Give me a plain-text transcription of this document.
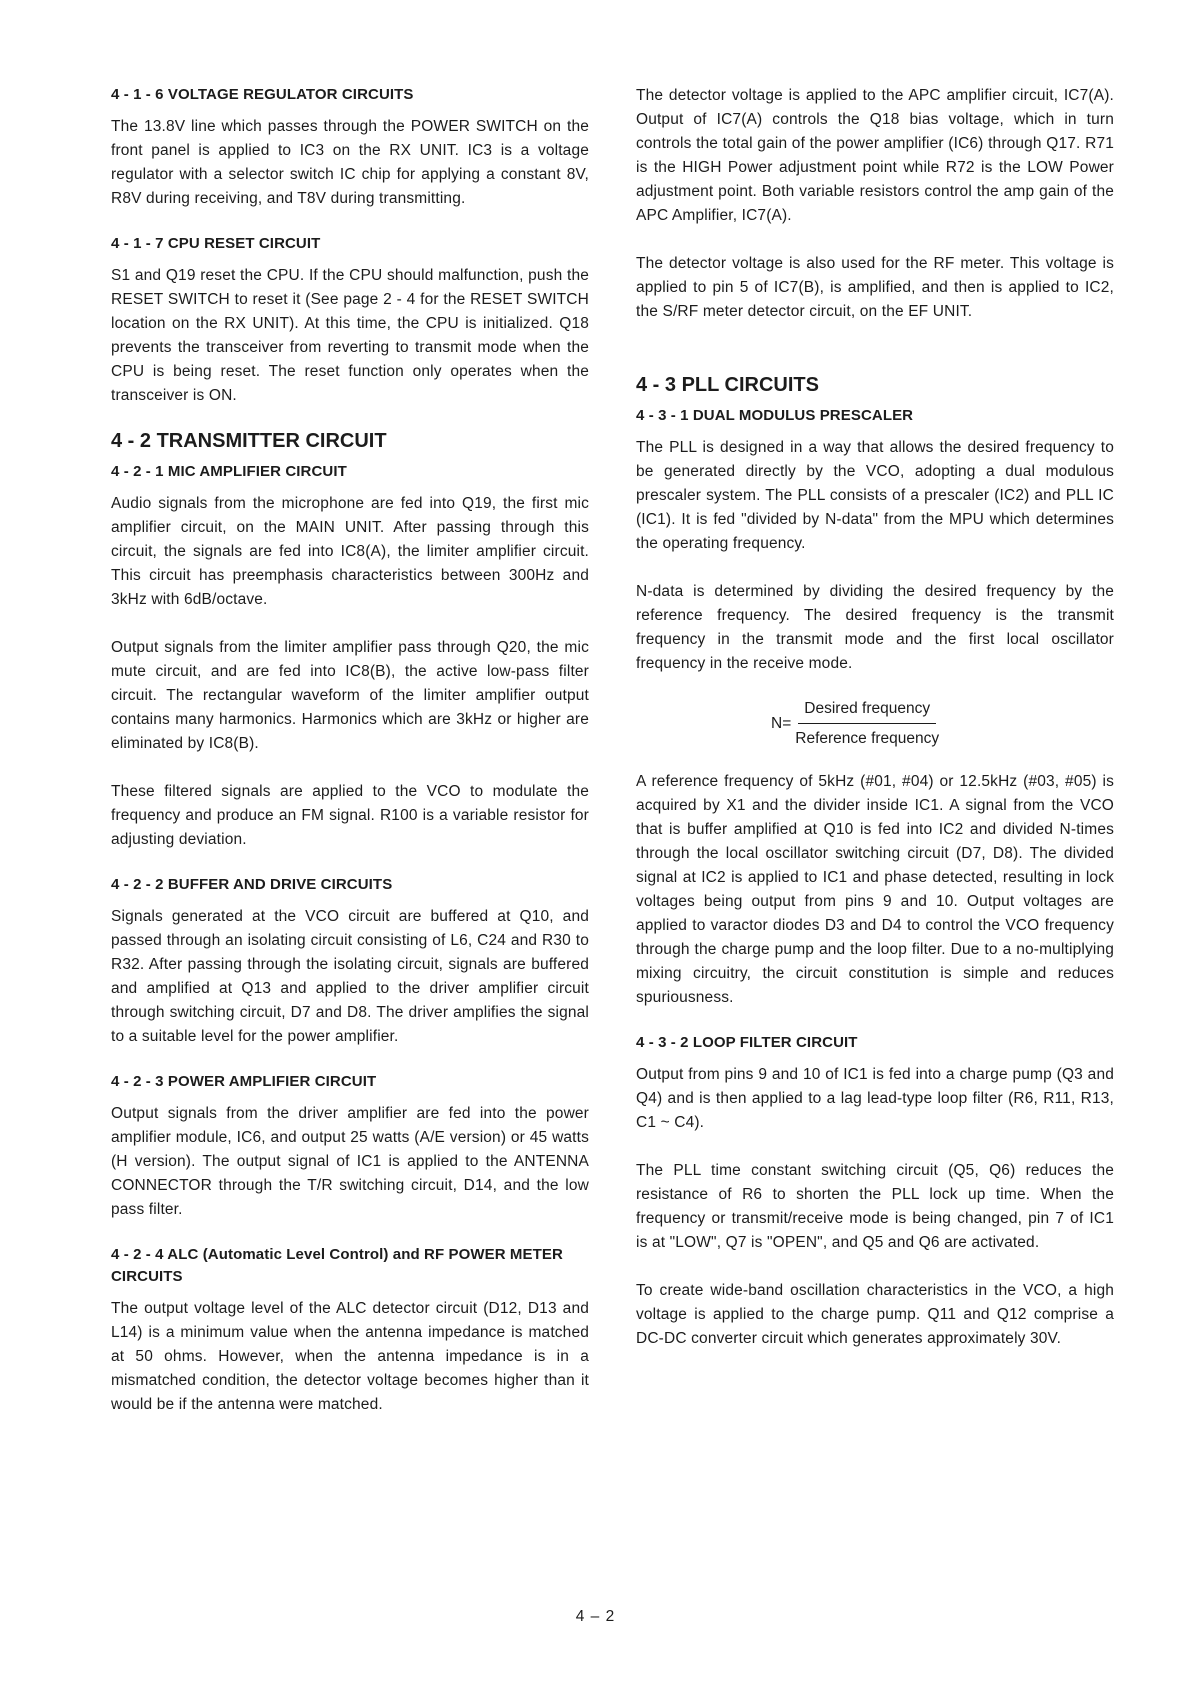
4 - 1 - 6 VOLTAGE REGULATOR CIRCUITS

The 13.8V line which passes through the POWER SWITCH on the front panel is applied to IC3 on the RX UNIT. IC3 is a voltage regulator with a selector switch IC chip for applying a constant 8V, R8V during receiving, and T8V during transmitting.

4 - 1 - 7 CPU RESET CIRCUIT

S1 and Q19 reset the CPU. If the CPU should malfunction, push the RESET SWITCH to reset it (See page 2 - 4 for the RESET SWITCH location on the RX UNIT). At this time, the CPU is initialized. Q18 prevents the transceiver from reverting to transmit mode when the CPU is being reset. The reset function only operates when the transceiver is ON.

4 - 2 TRANSMITTER CIRCUIT
4 - 2 - 1 MIC AMPLIFIER CIRCUIT

Audio signals from the microphone are fed into Q19, the first mic amplifier circuit, on the MAIN UNIT. After passing through this circuit, the signals are fed into IC8(A), the limiter amplifier circuit. This circuit has preemphasis characteristics between 300Hz and 3kHz with 6dB/octave.

Output signals from the limiter amplifier pass through Q20, the mic mute circuit, and are fed into IC8(B), the active low-pass filter circuit. The rectangular waveform of the limiter amplifier output contains many harmonics. Harmonics which are 3kHz or higher are eliminated by IC8(B).

These filtered signals are applied to the VCO to modulate the frequency and produce an FM signal. R100 is a variable resistor for adjusting deviation.

4 - 2 - 2 BUFFER AND DRIVE CIRCUITS

Signals generated at the VCO circuit are buffered at Q10, and passed through an isolating circuit consisting of L6, C24 and R30 to R32. After passing through the isolating circuit, signals are buffered and amplified at Q13 and applied to the driver amplifier circuit through switching circuit, D7 and D8. The driver amplifies the signal to a suitable level for the power amplifier.

4 - 2 - 3 POWER AMPLIFIER CIRCUIT

Output signals from the driver amplifier are fed into the power amplifier module, IC6, and output 25 watts (A/E version) or 45 watts (H version). The output signal of IC1 is applied to the ANTENNA CONNECTOR through the T/R switching circuit, D14, and the low pass filter.

4 - 2 - 4 ALC (Automatic Level Control) and RF POWER METER CIRCUITS

The output voltage level of the ALC detector circuit (D12, D13 and L14) is a minimum value when the antenna impedance is matched at 50 ohms. However, when the antenna impedance is in a mismatched condition, the detector voltage becomes higher than it would be if the antenna were matched.

The detector voltage is applied to the APC amplifier circuit, IC7(A). Output of IC7(A) controls the Q18 bias voltage, which in turn controls the total gain of the power amplifier (IC6) through Q17. R71 is the HIGH Power adjustment point while R72 is the LOW Power adjustment point. Both variable resistors control the amp gain of the APC Amplifier, IC7(A).

The detector voltage is also used for the RF meter. This voltage is applied to pin 5 of IC7(B), is amplified, and then is applied to IC2, the S/RF meter detector circuit, on the EF UNIT.

4 - 3 PLL CIRCUITS
4 - 3 - 1 DUAL MODULUS PRESCALER

The PLL is designed in a way that allows the desired frequency to be generated directly by the VCO, adopting a dual modulous prescaler system. The PLL consists of a prescaler (IC2) and PLL IC (IC1). It is fed "divided by N-data" from the MPU which determines the operating frequency.

N-data is determined by dividing the desired frequency by the reference frequency. The desired frequency is the transmit frequency in the transmit mode and the first local oscillator frequency in the receive mode.

$N= \frac{\text{Desired frequency}}{\text{Reference frequency}}$

A reference frequency of 5kHz (#01, #04) or 12.5kHz (#03, #05) is acquired by X1 and the divider inside IC1. A signal from the VCO that is buffer amplified at Q10 is fed into IC2 and divided N-times through the local oscillator switching circuit (D7, D8). The divided signal at IC2 is applied to IC1 and phase detected, resulting in lock voltages being output from pins 9 and 10. Output voltages are applied to varactor diodes D3 and D4 to control the VCO frequency through the charge pump and the loop filter. Due to a no-multiplying mixing circuitry, the circuit constitution is simple and reduces spuriousness.

4 - 3 - 2 LOOP FILTER CIRCUIT

Output from pins 9 and 10 of IC1 is fed into a charge pump (Q3 and Q4) and is then applied to a lag lead-type loop filter (R6, R11, R13, C1 ~ C4).

The PLL time constant switching circuit (Q5, Q6) reduces the resistance of R6 to shorten the PLL lock up time. When the frequency or transmit/receive mode is being changed, pin 7 of IC1 is at "LOW", Q7 is "OPEN", and Q5 and Q6 are activated.

To create wide-band oscillation characteristics in the VCO, a high voltage is applied to the charge pump. Q11 and Q12 comprise a DC-DC converter circuit which generates approximately 30V.

4 – 2
